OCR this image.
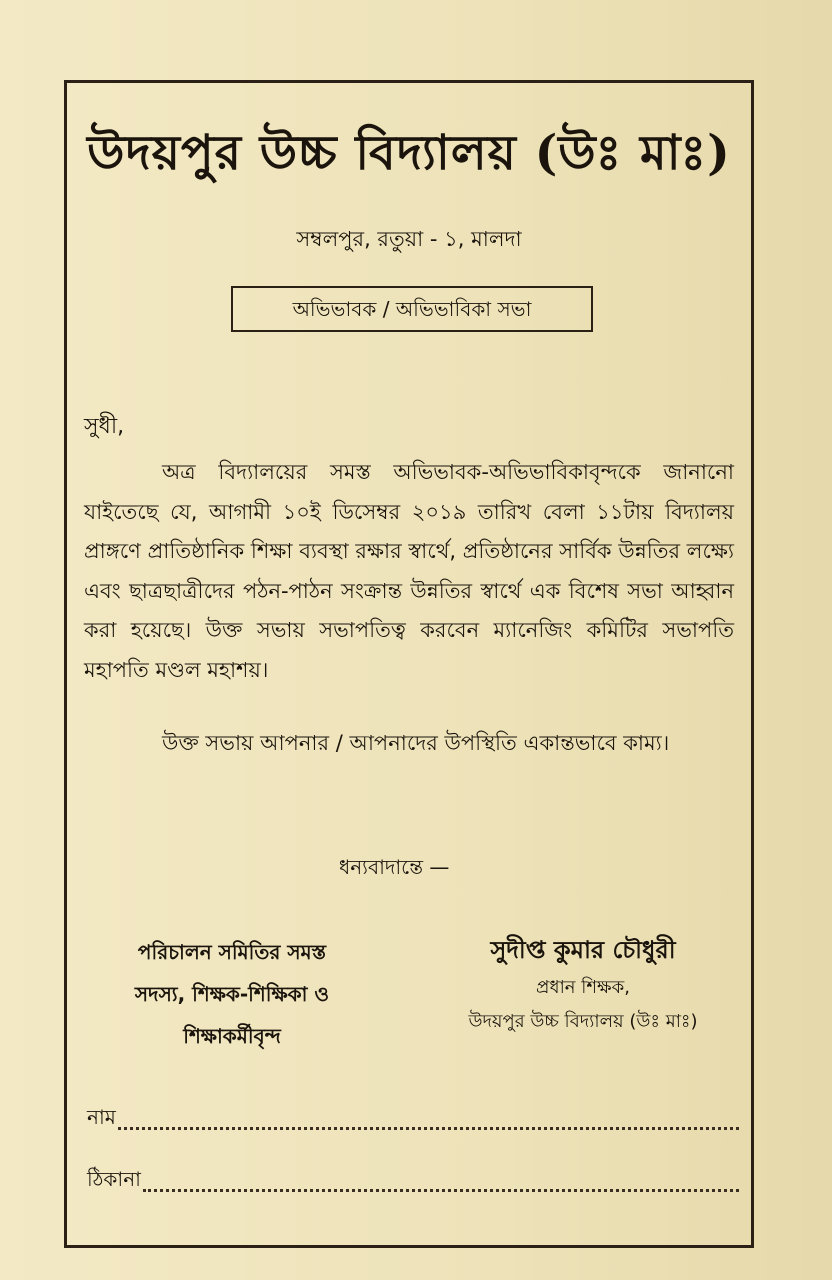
উদয়পুর উচ্চ বিদ্যালয় (উঃ মাঃ)
সম্বলপুর, রতুয়া - ১, মালদা
অভিভাবক / অভিভাবিকা সভা
সুধী,

অত্র বিদ্যালয়ের সমস্ত অভিভাবক-অভিভাবিকাবৃন্দকে জানানো যাইতেছে যে, আগামী ১০ই ডিসেম্বর ২০১৯ তারিখ বেলা ১১টায় বিদ্যালয় প্রাঙ্গণে প্রাতিষ্ঠানিক শিক্ষা ব্যবস্থা রক্ষার স্বার্থে, প্রতিষ্ঠানের সার্বিক উন্নতির লক্ষ্যে এবং ছাত্রছাত্রীদের পঠন-পাঠন সংক্রান্ত উন্নতির স্বার্থে এক বিশেষ সভা আহ্বান করা হয়েছে। উক্ত সভায় সভাপতিত্ব করবেন ম্যানেজিং কমিটির সভাপতি মহাপতি মণ্ডল মহাশয়।

উক্ত সভায় আপনার / আপনাদের উপস্থিতি একান্তভাবে কাম্য।

ধন্যবাদান্তে —
পরিচালন সমিতির সমস্ত
সদস্য, শিক্ষক-শিক্ষিকা ও
শিক্ষাকর্মীবৃন্দ
সুদীপ্ত কুমার চৌধুরী
প্রধান শিক্ষক,
উদয়পুর উচ্চ বিদ্যালয় (উঃ মাঃ)
নাম
ঠিকানা
